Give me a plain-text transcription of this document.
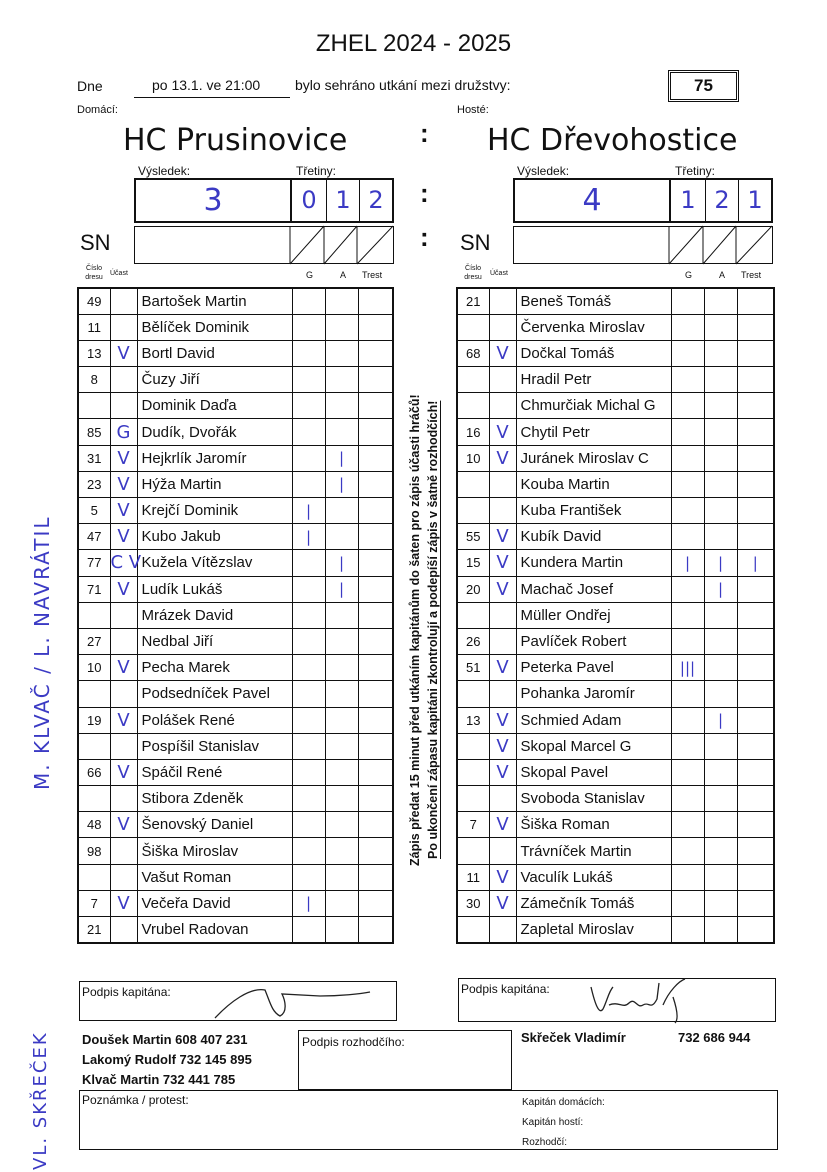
ZHEL 2024 - 2025
Dne	po 13.1. ve 21:00 bylo sehráno utkání mezi družstvy:	75
Domácí:	Hosté:
HC Prusinovice	HC Dřevohostice
:
Výsledek:	Třetiny:
3	0 1 2	:
Výsledek:	Třetiny:
4	1 2 1
SN	: SN
Číslo dresu
Účast	G	A Trest
Číslo dresu
Účast	G	A Trest
49		Bartošek Martin			
11		Bělíček Dominik			
13	V	Bortl David			
8		Čuzy Jiří			
		Dominik Daďa			
85	G	Dudík, Dvořák			
31	V	Hejkrlík Jaromír		|	
23	V	Hýža Martin		|	
5	V	Krejčí Dominik	|		
47	V	Kubo Jakub	|		
77	C V	Kužela Vítězslav		|	
71	V	Ludík Lukáš		|	
		Mrázek David			
27		Nedbal Jiří			
10	V	Pecha Marek			
		Podsedníček Pavel			
19	V	Polášek René			
		Pospíšil Stanislav			
66	V	Spáčil René			
		Stibora Zdeněk			
48	V	Šenovský Daniel			
98		Šiška Miroslav			
		Vašut Roman			
7	V	Večeřa David	|		
21		Vrubel Radovan			
21		Beneš Tomáš			
		Červenka Miroslav			
68	V	Dočkal Tomáš			
		Hradil Petr			
		Chmurčiak Michal G			
16	V	Chytil Petr			
10	V	Juránek Miroslav C			
		Kouba Martin			
		Kuba František			
55	V	Kubík David			
15	V	Kundera Martin	|	|	|
20	V	Machač Josef		|	
		Müller Ondřej			
26		Pavlíček Robert			
51	V	Peterka Pavel	|||		
		Pohanka Jaromír			
13	V	Schmied Adam		|	
	V	Skopal Marcel G			
	V	Skopal Pavel			
		Svoboda Stanislav			
7	V	Šiška Roman			
		Trávníček Martin			
11	V	Vaculík Lukáš			
30	V	Zámečník Tomáš			
		Zapletal Miroslav			
Zápis předat 15 minut před utkáním kapitánům do šaten pro zápis účasti hráčů! Po ukončení zápasu kapitáni zkontrolují a podepíší zápis v šatně rozhodčích!
M. KLVAČ / L. NAVRÁTIL
VL. SKŘEČEK
Podpis kapitána:	Podpis kapitána:
Doušek Martin 608 407 231
Lakomý Rudolf 732 145 895
Klvač Martin 732 441 785
Podpis rozhodčího:	Skřeček Vladimír	732 686 944
Poznámka / protest:	Kapitán domácích:
Kapitán hostí:
Rozhodčí:
